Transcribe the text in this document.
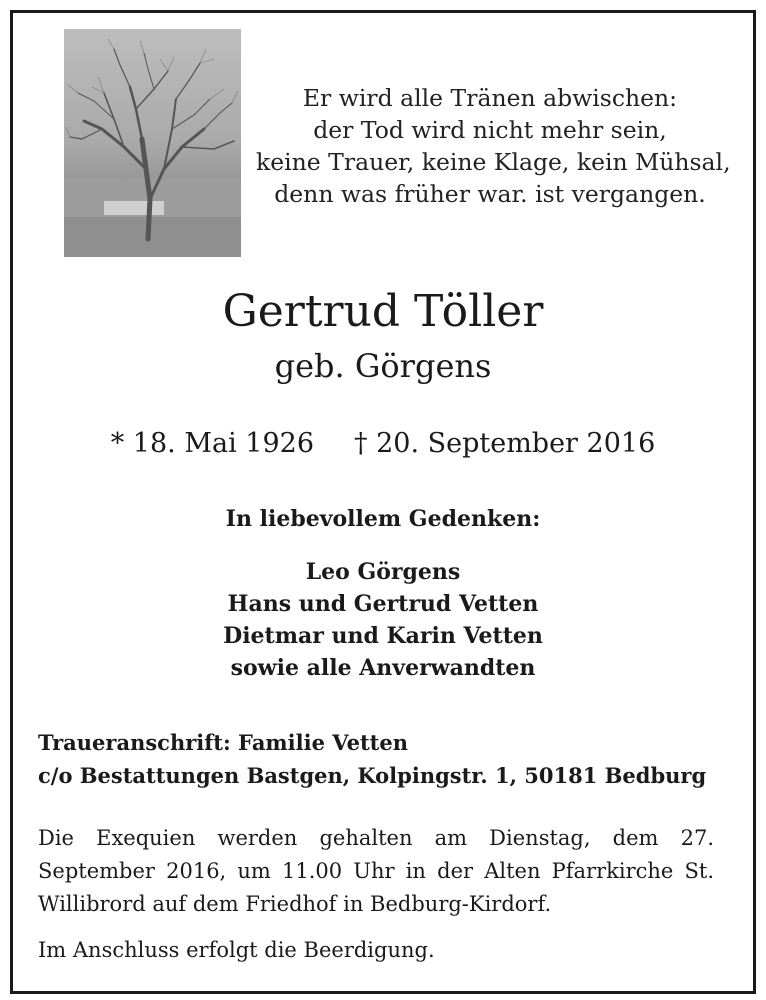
Er wird alle Tränen abwischen:
der Tod wird nicht mehr sein,
keine Trauer, keine Klage, kein Mühsal,
denn was früher war. ist vergangen.
Gertrud Töller
geb. Görgens
* 18. Mai 1926 † 20. September 2016
In liebevollem Gedenken:
Leo Görgens
Hans und Gertrud Vetten
Dietmar und Karin Vetten
sowie alle Anverwandten
Traueranschrift: Familie Vetten
c/o Bestattungen Bastgen, Kolpingstr. 1, 50181 Bedburg
Die Exequien werden gehalten am Dienstag, dem 27. September 2016, um 11.00 Uhr in der Alten Pfarrkirche St. Willibrord auf dem Friedhof in Bedburg-Kirdorf.
Im Anschluss erfolgt die Beerdigung.
